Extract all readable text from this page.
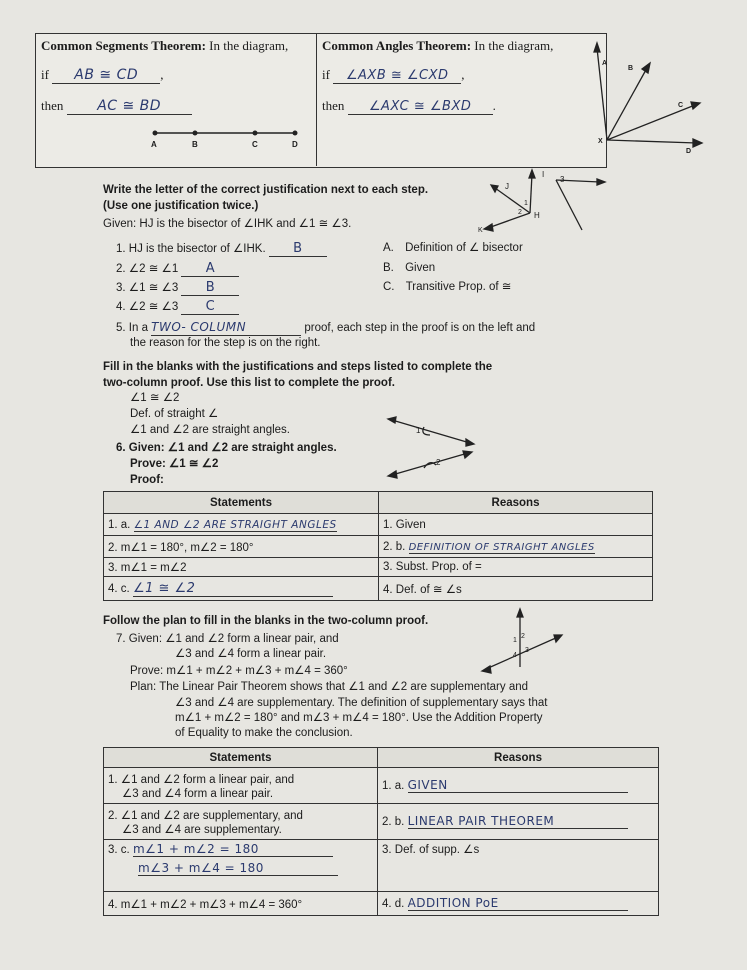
Common Segments Theorem: In the diagram,
if AB ≅ CD ,
then AC ≅ BD
A	B	C	D
Common Angles Theorem: In the diagram,
if ∠AXB ≅ ∠CXD ,
then ∠AXC ≅ ∠BXD .
A
B
C
X
D
Write the letter of the correct justification next to each step.
(Use one justification twice.)
Given: HJ is the bisector of ∠IHK and ∠1 ≅ ∠3.
J
I
3
1
2 H
K
1. HJ is the bisector of ∠IHK. B
2. ∠2 ≅ ∠1 A
3. ∠1 ≅ ∠3 B
4. ∠2 ≅ ∠3 C
A. Definition of ∠ bisector
B. Given
C. Transitive Prop. of ≅
5. In a TWO- COLUMN	proof, each step in the proof is on the left and
the reason for the step is on the right.
Fill in the blanks with the justifications and steps listed to complete the
two-column proof. Use this list to complete the proof.
∠1 ≅ ∠2
Def. of straight ∠
∠1 and ∠2 are straight angles.
6. Given: ∠1 and ∠2 are straight angles.
Prove: ∠1 ≅ ∠2
Proof:
1
2
Statements	Reasons
1. a. ∠1 AND ∠2 ARE STRAIGHT ANGLES	1. Given
2. m∠1 = 180°, m∠2 = 180°	2. b. DEFINITION OF STRAIGHT ANGLES
3. m∠1 = m∠2	3. Subst. Prop. of =
4. c. ∠1 ≅ ∠2	4. Def. of ≅ ∠s
Follow the plan to fill in the blanks in the two-column proof.
7. Given: ∠1 and ∠2 form a linear pair, and
∠3 and ∠4 form a linear pair.
Prove: m∠1 + m∠2 + m∠3 + m∠4 = 360°
Plan: The Linear Pair Theorem shows that ∠1 and ∠2 are supplementary and
∠3 and ∠4 are supplementary. The definition of supplementary says that
m∠1 + m∠2 = 180° and m∠3 + m∠4 = 180°. Use the Addition Property
of Equality to make the conclusion.
1
2
4
3
Statements	Reasons

1. ∠1 and ∠2 form a linear pair, and
∠3 and ∠4 form a linear pair.	1. a. GIVEN

2. ∠1 and ∠2 are supplementary, and
∠3 and ∠4 are supplementary.	2. b. LINEAR PAIR THEOREM
3. c. m∠1 + m∠2 = 180
m∠3 + m∠4 = 180	3. Def. of supp. ∠s
4. m∠1 + m∠2 + m∠3 + m∠4 = 360°	4. d. ADDITION PoE
